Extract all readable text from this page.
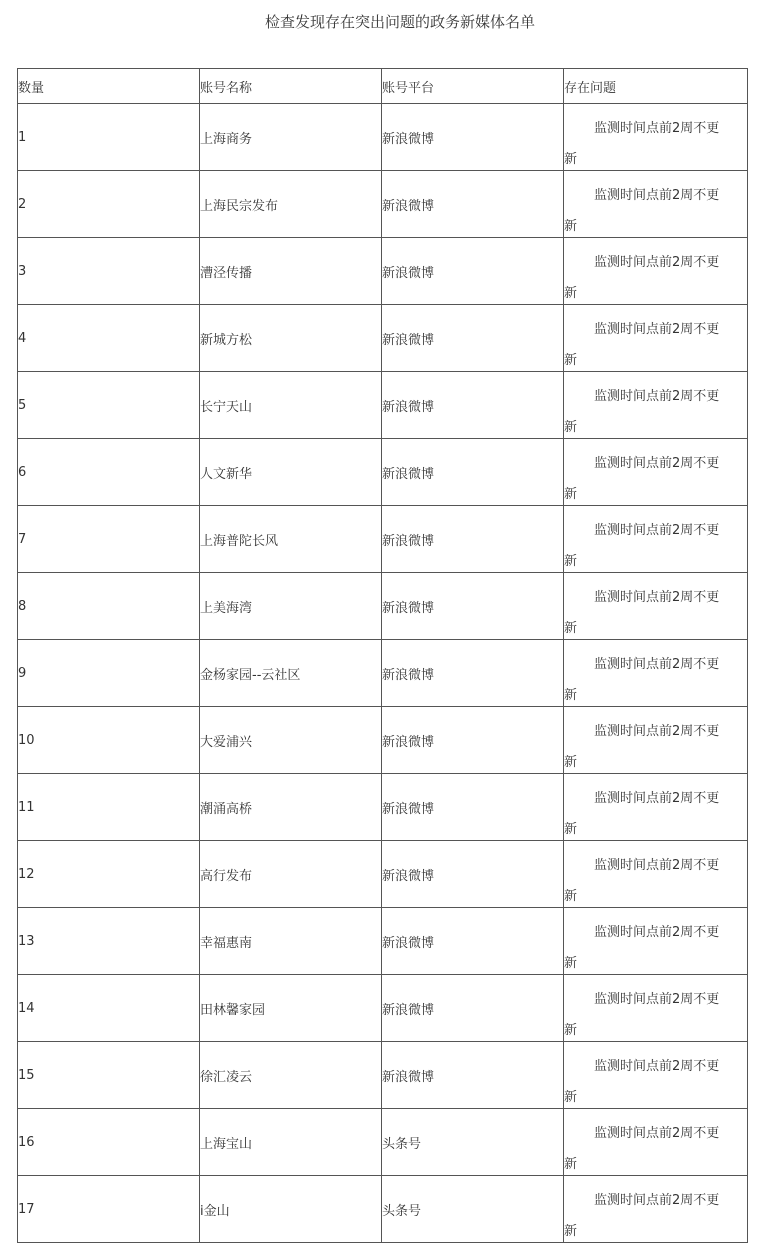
检查发现存在突出问题的政务新媒体名单
数量	账号名称	账号平台	存在问题
1	上海商务	新浪微博	监测时间点前2周不更新

2	上海民宗发布	新浪微博	监测时间点前2周不更新

3	漕泾传播	新浪微博	监测时间点前2周不更新

4	新城方松	新浪微博	监测时间点前2周不更新

5	长宁天山	新浪微博	监测时间点前2周不更新

6	人文新华	新浪微博	监测时间点前2周不更新

7	上海普陀长风	新浪微博	监测时间点前2周不更新

8	上美海湾	新浪微博	监测时间点前2周不更新

9	金杨家园--云社区	新浪微博	监测时间点前2周不更新

10	大爱浦兴	新浪微博	监测时间点前2周不更新

11	潮涌高桥	新浪微博	监测时间点前2周不更新

12	高行发布	新浪微博	监测时间点前2周不更新

13	幸福惠南	新浪微博	监测时间点前2周不更新

14	田林馨家园	新浪微博	监测时间点前2周不更新

15	徐汇凌云	新浪微博	监测时间点前2周不更新

16	上海宝山	头条号	监测时间点前2周不更新

17	i金山	头条号	监测时间点前2周不更新
